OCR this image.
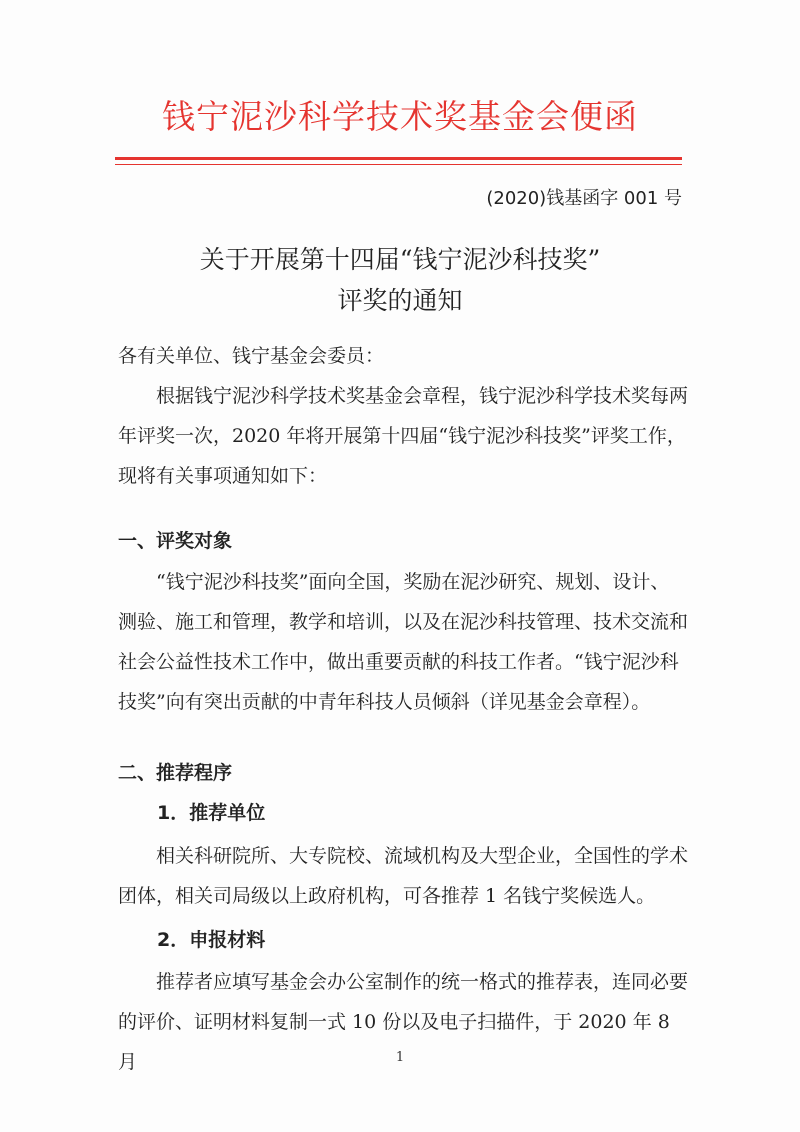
钱宁泥沙科学技术奖基金会便函
(2020)钱基函字 001 号
关于开展第十四届“钱宁泥沙科技奖”
评奖的通知

各有关单位、钱宁基金会委员：

根据钱宁泥沙科学技术奖基金会章程，钱宁泥沙科学技术奖每两年评奖一次，2020 年将开展第十四届“钱宁泥沙科技奖”评奖工作，现将有关事项通知如下：

一、评奖对象

“钱宁泥沙科技奖”面向全国，奖励在泥沙研究、规划、设计、测验、施工和管理，教学和培训，以及在泥沙科技管理、技术交流和社会公益性技术工作中，做出重要贡献的科技工作者。“钱宁泥沙科技奖”向有突出贡献的中青年科技人员倾斜（详见基金会章程）。

二、推荐程序
1．推荐单位

相关科研院所、大专院校、流域机构及大型企业，全国性的学术团体，相关司局级以上政府机构，可各推荐 1 名钱宁奖候选人。

2．申报材料

推荐者应填写基金会办公室制作的统一格式的推荐表，连同必要的评价、证明材料复制一式 10 份以及电子扫描件，于 2020 年 8 月	1
